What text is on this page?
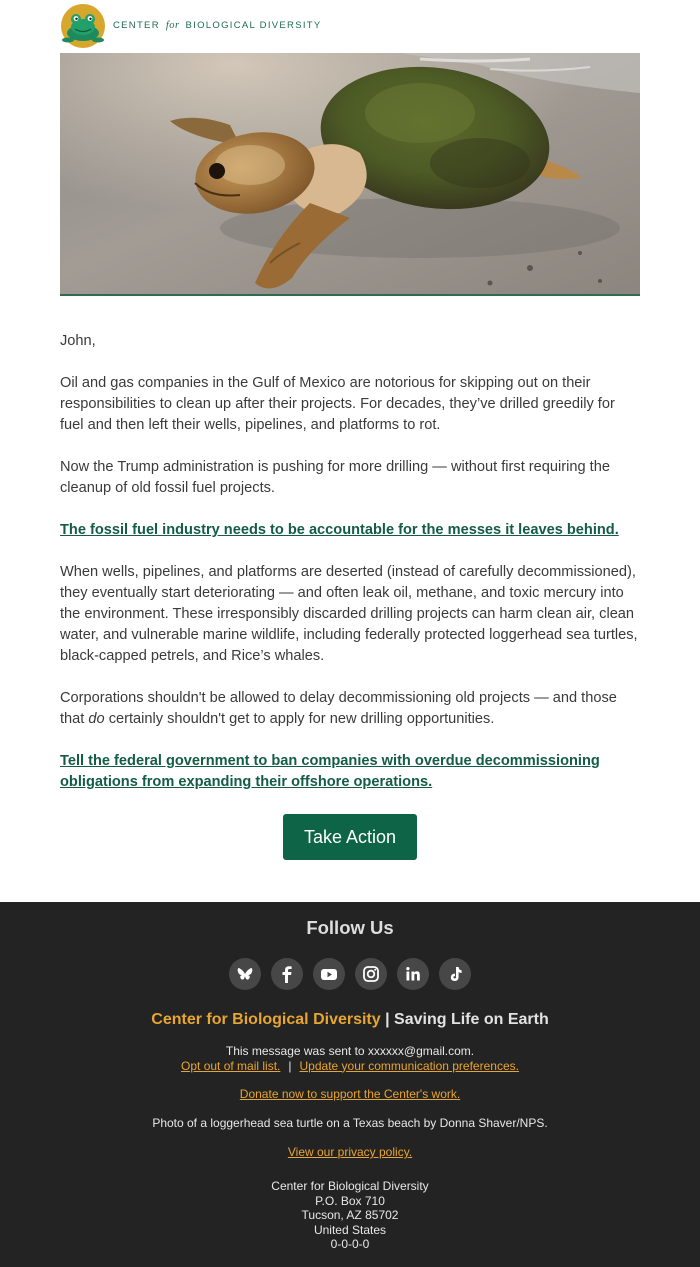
CENTER for BIOLOGICAL DIVERSITY

John,

Oil and gas companies in the Gulf of Mexico are notorious for skipping out on their responsibilities to clean up after their projects. For decades, they’ve drilled greedily for fuel and then left their wells, pipelines, and platforms to rot.

Now the Trump administration is pushing for more drilling — without first requiring the cleanup of old fossil fuel projects.

The fossil fuel industry needs to be accountable for the messes it leaves behind.

When wells, pipelines, and platforms are deserted (instead of carefully decommissioned), they eventually start deteriorating — and often leak oil, methane, and toxic mercury into the environment. These irresponsibly discarded drilling projects can harm clean air, clean water, and vulnerable marine wildlife, including federally protected loggerhead sea turtles, black-capped petrels, and Rice’s whales.

Corporations shouldn't be allowed to delay decommissioning old projects — and those that do certainly shouldn't get to apply for new drilling opportunities.

Tell the federal government to ban companies with overdue decommissioning obligations from expanding their offshore operations.

Take Action
Follow Us
Center for Biological Diversity | Saving Life on Earth
This message was sent to xxxxxx@gmail.com.
Opt out of mail list. | Update your communication preferences.
Donate now to support the Center's work.
Photo of a loggerhead sea turtle on a Texas beach by Donna Shaver/NPS.
View our privacy policy.
Center for Biological Diversity
P.O. Box 710
Tucson, AZ 85702
United States
0-0-0-0
